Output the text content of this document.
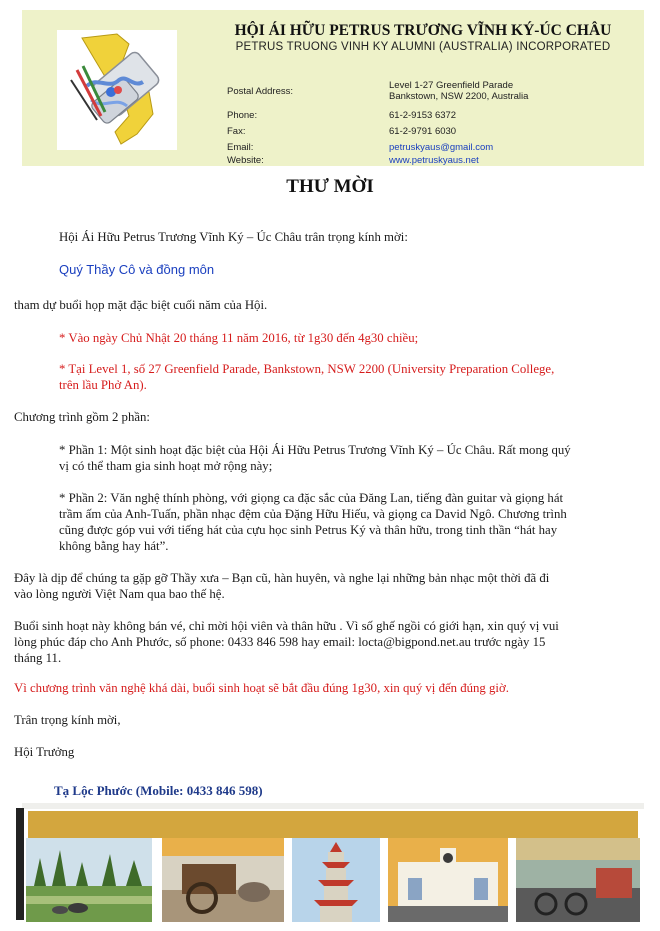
HỘI ÁI HỮU PETRUS TRƯƠNG VĨNH KÝ-ÚC CHÂU
PETRUS TRUONG VINH KY ALUMNI (AUSTRALIA) INCORPORATED
Postal Address:
Level 1-27 Greenfield Parade
Bankstown, NSW 2200, Australia
Phone:	61-2-9153 6372
Fax:	61-2-9791 6030
Email:	petruskyaus@gmail.com
Website:	www.petruskyaus.net
THƯ MỜI
Hội Ái Hữu Petrus Trương Vĩnh Ký – Úc Châu trân trọng kính mời:
Quý Thầy Cô và đồng môn
tham dự buổi họp mặt đặc biệt cuối năm của Hội.
* Vào ngày Chủ Nhật 20 tháng 11 năm 2016, từ 1g30 đến 4g30 chiều;
* Tại Level 1, số 27 Greenfield Parade, Bankstown, NSW 2200 (University Preparation College,
trên lầu Phở An).
Chương trình gồm 2 phần:
* Phần 1: Một sinh hoạt đặc biệt của Hội Ái Hữu Petrus Trương Vĩnh Ký – Úc Châu. Rất mong quý
vị có thể tham gia sinh hoạt mở rộng này;
* Phần 2: Văn nghệ thính phòng, với giọng ca đặc sắc của Đăng Lan, tiếng đàn guitar và giọng hát
trầm ấm của Anh-Tuấn, phần nhạc đệm của Đặng Hữu Hiếu, và giọng ca David Ngô. Chương trình
cũng được góp vui với tiếng hát của cựu học sinh Petrus Ký và thân hữu, trong tinh thần “hát hay
không bằng hay hát”.
Đây là dịp để chúng ta gặp gỡ Thầy xưa – Bạn cũ, hàn huyên, và nghe lại những bản nhạc một thời đã đi
vào lòng người Việt Nam qua bao thế hệ.
Buổi sinh hoạt này không bán vé, chỉ mời hội viên và thân hữu . Vì số ghế ngồi có giới hạn, xin quý vị vui
lòng phúc đáp cho Anh Phước, số phone: 0433 846 598 hay email: locta@bigpond.net.au trước ngày 15
tháng 11.
Vì chương trình văn nghệ khá dài, buổi sinh hoạt sẽ bắt đầu đúng 1g30, xin quý vị đến đúng giờ.
Trân trọng kính mời,
Hội Trưởng
Tạ Lộc Phước (Mobile: 0433 846 598)
